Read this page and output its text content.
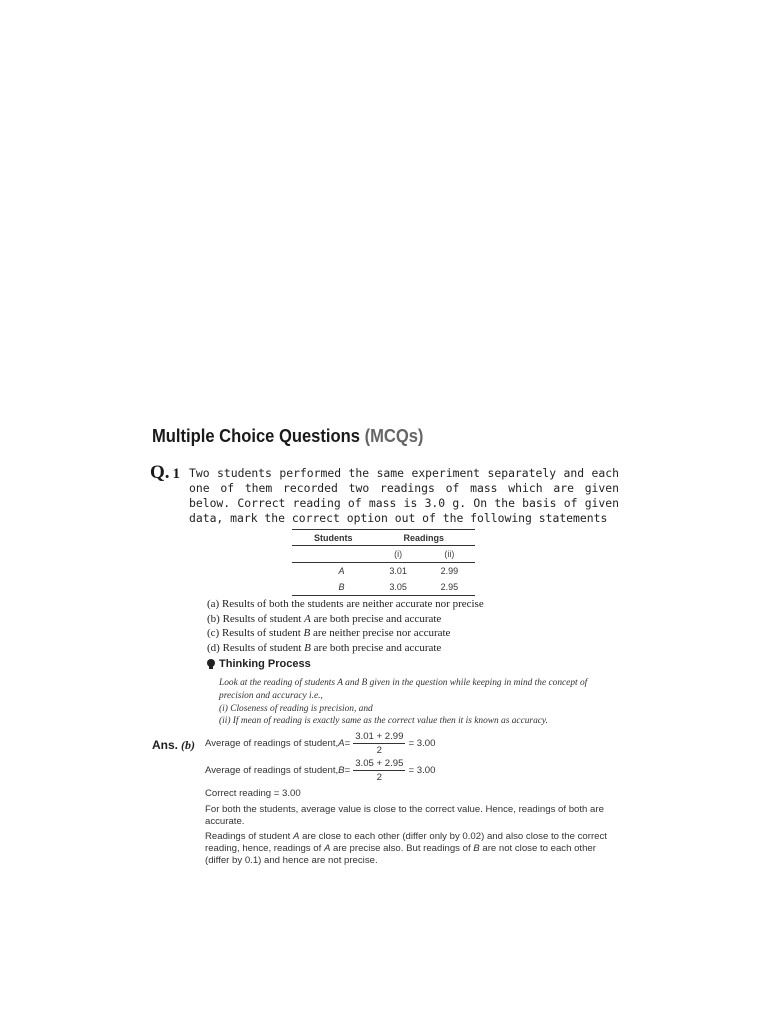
Multiple Choice Questions (MCQs)
Q. 1 Two students performed the same experiment separately and each one of them recorded two readings of mass which are given below. Correct reading of mass is 3.0 g. On the basis of given data, mark the correct option out of the following statements
Students	Readings	
	(i)	(ii)
A	3.01	2.99
B	3.05	2.95
(a) Results of both the students are neither accurate nor precise
(b) Results of student A are both precise and accurate
(c) Results of student B are neither precise nor accurate
(d) Results of student B are both precise and accurate
Thinking Process
Look at the reading of students A and B given in the question while keeping in mind the concept of precision and accuracy i.e.,
(i) Closeness of reading is precision, and
(ii) If mean of reading is exactly same as the correct value then it is known as accuracy.
Ans. (b) Average of readings of student, $A = \frac{3.01 + 2.99}{2} = 3.00$
Average of readings of student, $B = \frac{3.05 + 2.95}{2} = 3.00$

Correct reading = 3.00

For both the students, average value is close to the correct value. Hence, readings of both are accurate.

Readings of student A are close to each other (differ only by 0.02) and also close to the correct reading, hence, readings of A are precise also. But readings of B are not close to each other (differ by 0.1) and hence are not precise.
